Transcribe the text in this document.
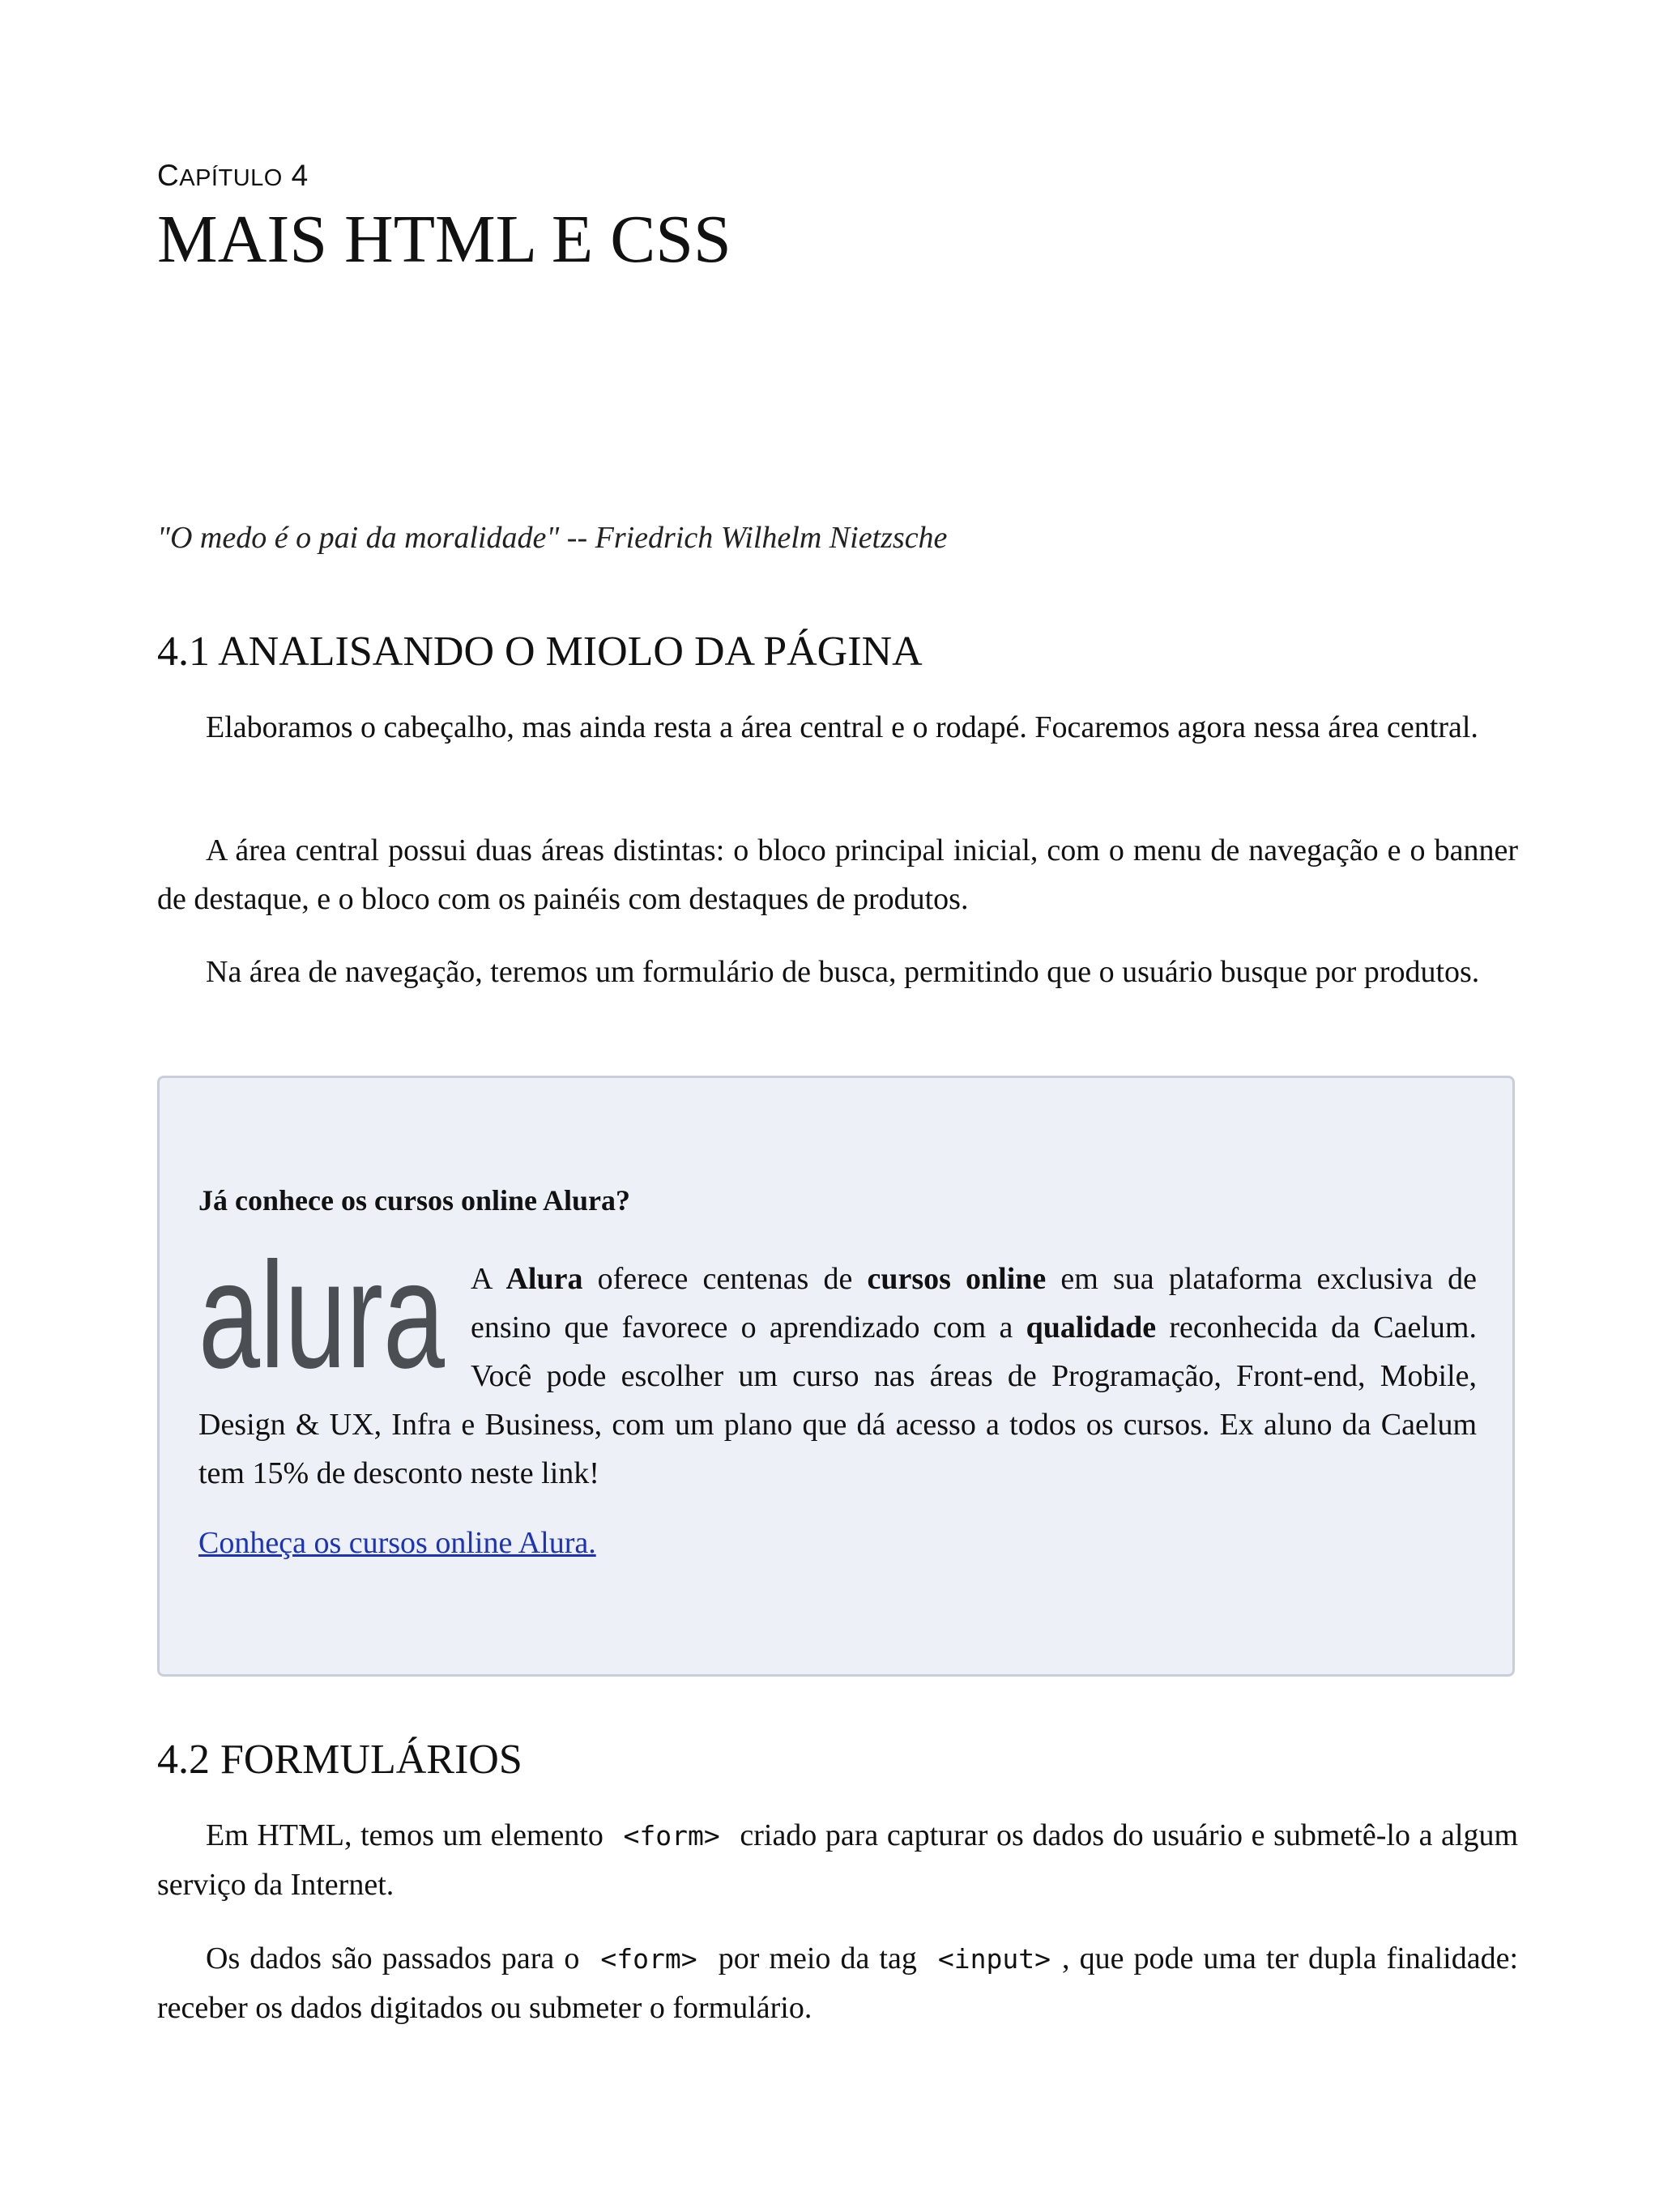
CAPÍTULO 4
MAIS HTML E CSS
"O medo é o pai da moralidade" -- Friedrich Wilhelm Nietzsche
4.1 ANALISANDO O MIOLO DA PÁGINA

Elaboramos o cabeçalho, mas ainda resta a área central e o rodapé. Focaremos agora nessa área central.

A área central possui duas áreas distintas: o bloco principal inicial, com o menu de navegação e o banner de destaque, e o bloco com os painéis com destaques de produtos.

Na área de navegação, teremos um formulário de busca, permitindo que o usuário busque por produtos.

Já conhece os cursos online Alura?

alura A Alura oferece centenas de cursos online em sua plataforma exclusiva de ensino que favorece o aprendizado com a qualidade reconhecida da Caelum. Você pode escolher um curso nas áreas de Programação, Front-end, Mobile, Design & UX, Infra e Business, com um plano que dá acesso a todos os cursos. Ex aluno da Caelum tem 15% de desconto neste link!

Conheça os cursos online Alura.
4.2 FORMULÁRIOS

Em HTML, temos um elemento <form> criado para capturar os dados do usuário e submetê-lo a algum serviço da Internet.

Os dados são passados para o <form> por meio da tag <input> , que pode uma ter dupla finalidade: receber os dados digitados ou submeter o formulário.
